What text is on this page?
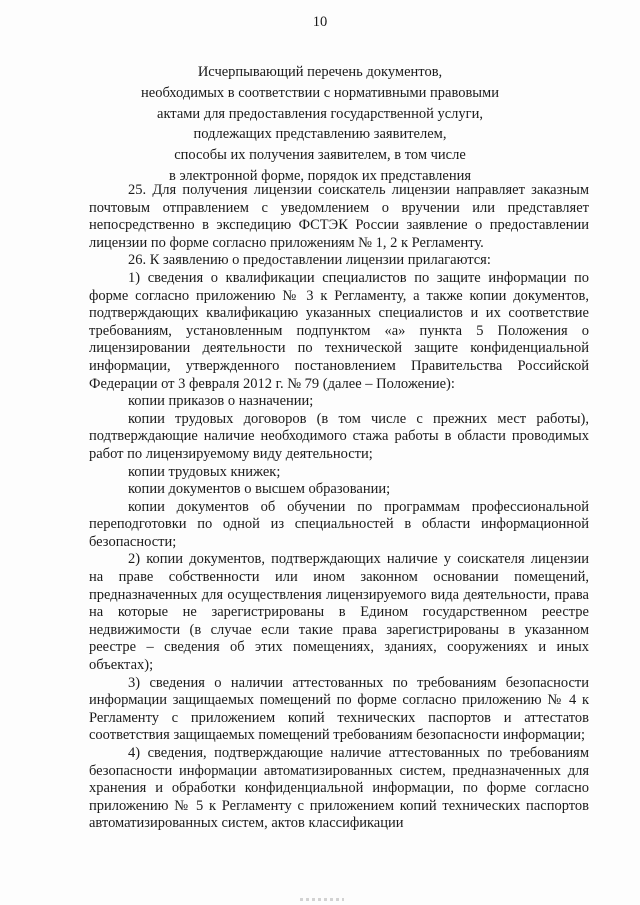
10
Исчерпывающий перечень документов,
необходимых в соответствии с нормативными правовыми
актами для предоставления государственной услуги,
подлежащих представлению заявителем,
способы их получения заявителем, в том числе
в электронной форме, порядок их представления

25. Для получения лицензии соискатель лицензии направляет заказным почтовым отправлением с уведомлением о вручении или представляет непосредственно в экспедицию ФСТЭК России заявление о предоставлении лицензии по форме согласно приложениям № 1, 2 к Регламенту.

26. К заявлению о предоставлении лицензии прилагаются:

1) сведения о квалификации специалистов по защите информации по форме согласно приложению № 3 к Регламенту, а также копии документов, подтверждающих квалификацию указанных специалистов и их соответствие требованиям, установленным подпунктом «а» пункта 5 Положения о лицензировании деятельности по технической защите конфиденциальной информации, утвержденного постановлением Правительства Российской Федерации от 3 февраля 2012 г. № 79 (далее – Положение):

копии приказов о назначении;

копии трудовых договоров (в том числе с прежних мест работы), подтверждающие наличие необходимого стажа работы в области проводимых работ по лицензируемому виду деятельности;

копии трудовых книжек;

копии документов о высшем образовании;

копии документов об обучении по программам профессиональной переподготовки по одной из специальностей в области информационной безопасности;

2) копии документов, подтверждающих наличие у соискателя лицензии на праве собственности или ином законном основании помещений, предназначенных для осуществления лицензируемого вида деятельности, права на которые не зарегистрированы в Едином государственном реестре недвижимости (в случае если такие права зарегистрированы в указанном реестре – сведения об этих помещениях, зданиях, сооружениях и иных объектах);

3) сведения о наличии аттестованных по требованиям безопасности информации защищаемых помещений по форме согласно приложению № 4 к Регламенту с приложением копий технических паспортов и аттестатов соответствия защищаемых помещений требованиям безопасности информации;

4) сведения, подтверждающие наличие аттестованных по требованиям безопасности информации автоматизированных систем, предназначенных для хранения и обработки конфиденциальной информации, по форме согласно приложению № 5 к Регламенту с приложением копий технических паспортов автоматизированных систем, актов классификации
